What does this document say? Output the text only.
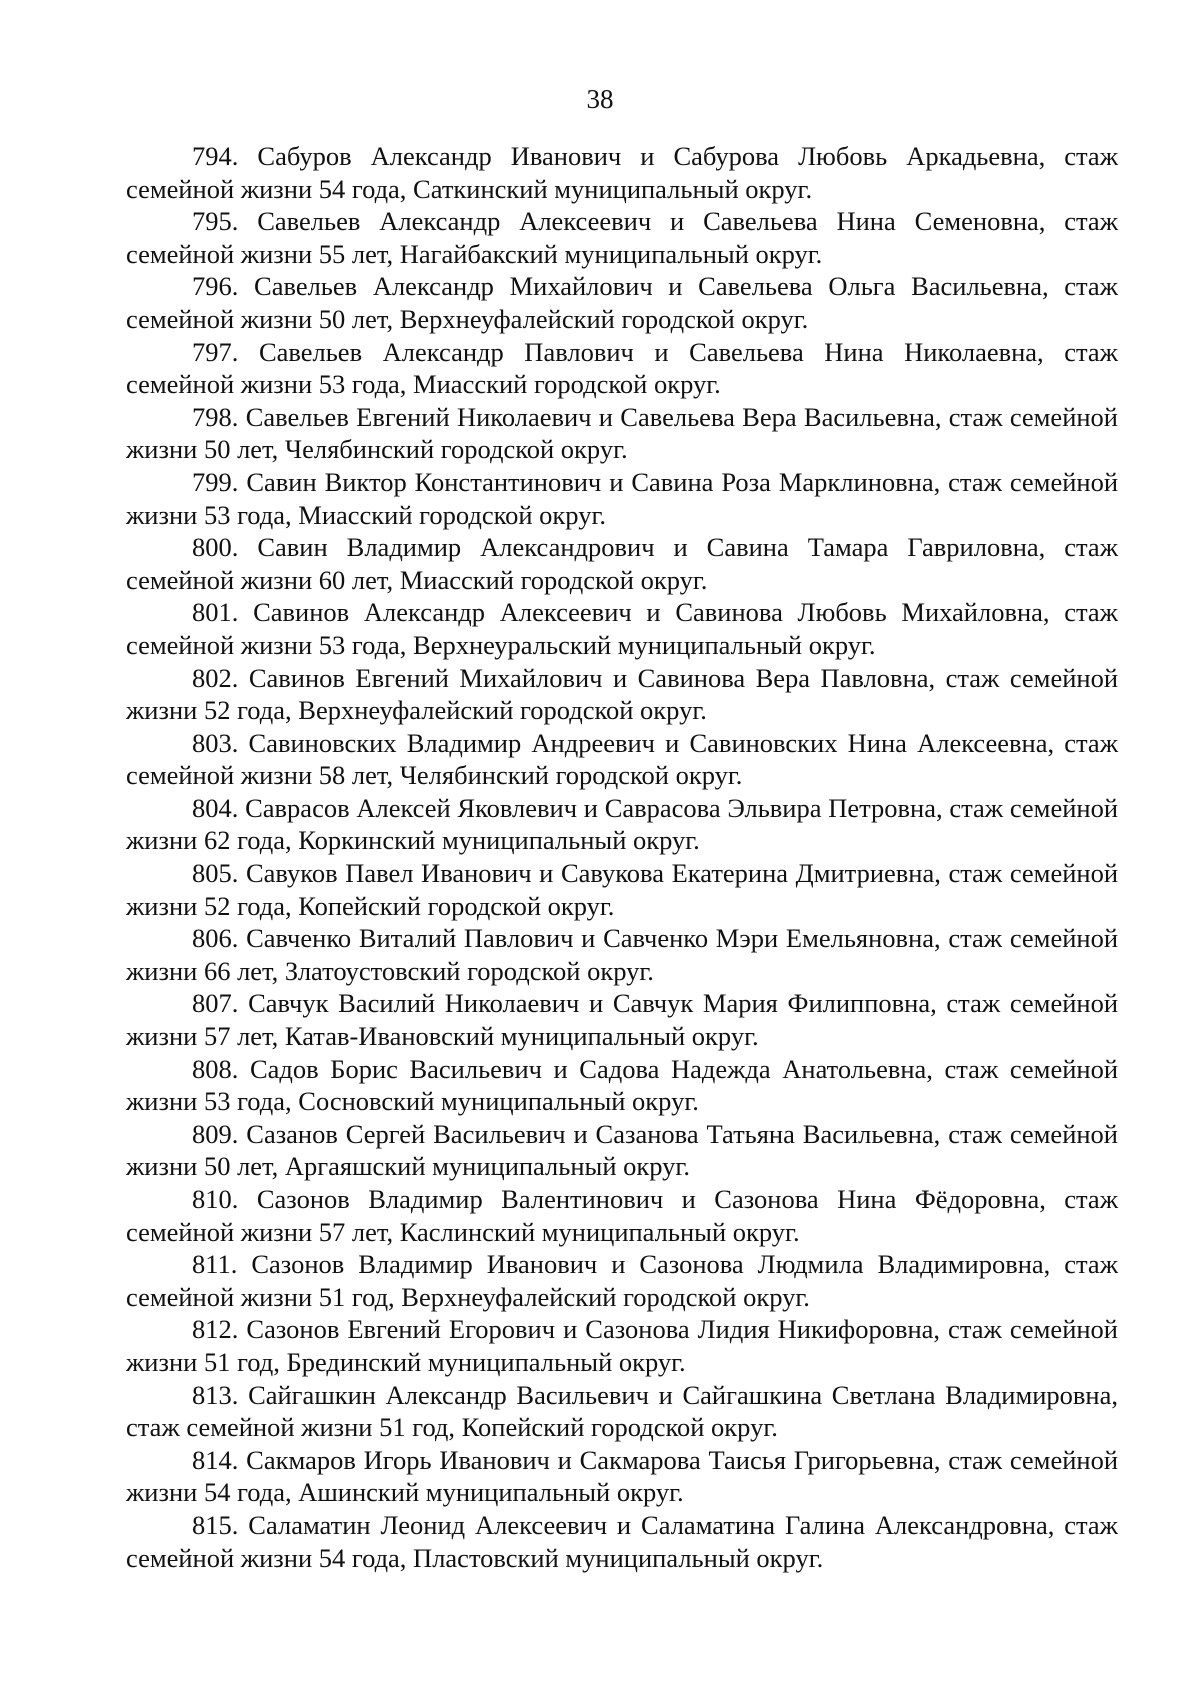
38

794. Сабуров Александр Иванович и Сабурова Любовь Аркадьевна, стаж семейной жизни 54 года, Саткинский муниципальный округ.

795. Савельев Александр Алексеевич и Савельева Нина Семеновна, стаж семейной жизни 55 лет, Нагайбакский муниципальный округ.

796. Савельев Александр Михайлович и Савельева Ольга Васильевна, стаж семейной жизни 50 лет, Верхнеуфалейский городской округ.

797. Савельев Александр Павлович и Савельева Нина Николаевна, стаж семейной жизни 53 года, Миасский городской округ.

798. Савельев Евгений Николаевич и Савельева Вера Васильевна, стаж семейной жизни 50 лет, Челябинский городской округ.

799. Савин Виктор Константинович и Савина Роза Марклиновна, стаж семейной жизни 53 года, Миасский городской округ.

800. Савин Владимир Александрович и Савина Тамара Гавриловна, стаж семейной жизни 60 лет, Миасский городской округ.

801. Савинов Александр Алексеевич и Савинова Любовь Михайловна, стаж семейной жизни 53 года, Верхнеуральский муниципальный округ.

802. Савинов Евгений Михайлович и Савинова Вера Павловна, стаж семейной жизни 52 года, Верхнеуфалейский городской округ.

803. Савиновских Владимир Андреевич и Савиновских Нина Алексеевна, стаж семейной жизни 58 лет, Челябинский городской округ.

804. Саврасов Алексей Яковлевич и Саврасова Эльвира Петровна, стаж семейной жизни 62 года, Коркинский муниципальный округ.

805. Савуков Павел Иванович и Савукова Екатерина Дмитриевна, стаж семейной жизни 52 года, Копейский городской округ.

806. Савченко Виталий Павлович и Савченко Мэри Емельяновна, стаж семейной жизни 66 лет, Златоустовский городской округ.

807. Савчук Василий Николаевич и Савчук Мария Филипповна, стаж семейной жизни 57 лет, Катав-Ивановский муниципальный округ.

808. Садов Борис Васильевич и Садова Надежда Анатольевна, стаж семейной жизни 53 года, Сосновский муниципальный округ.

809. Сазанов Сергей Васильевич и Сазанова Татьяна Васильевна, стаж семейной жизни 50 лет, Аргаяшский муниципальный округ.

810. Сазонов Владимир Валентинович и Сазонова Нина Фёдоровна, стаж семейной жизни 57 лет, Каслинский муниципальный округ.

811. Сазонов Владимир Иванович и Сазонова Людмила Владимировна, стаж семейной жизни 51 год, Верхнеуфалейский городской округ.

812. Сазонов Евгений Егорович и Сазонова Лидия Никифоровна, стаж семейной жизни 51 год, Брединский муниципальный округ.

813. Сайгашкин Александр Васильевич и Сайгашкина Светлана Владимировна, стаж семейной жизни 51 год, Копейский городской округ.

814. Сакмаров Игорь Иванович и Сакмарова Таисья Григорьевна, стаж семейной жизни 54 года, Ашинский муниципальный округ.

815. Саламатин Леонид Алексеевич и Саламатина Галина Александровна, стаж семейной жизни 54 года, Пластовский муниципальный округ.
